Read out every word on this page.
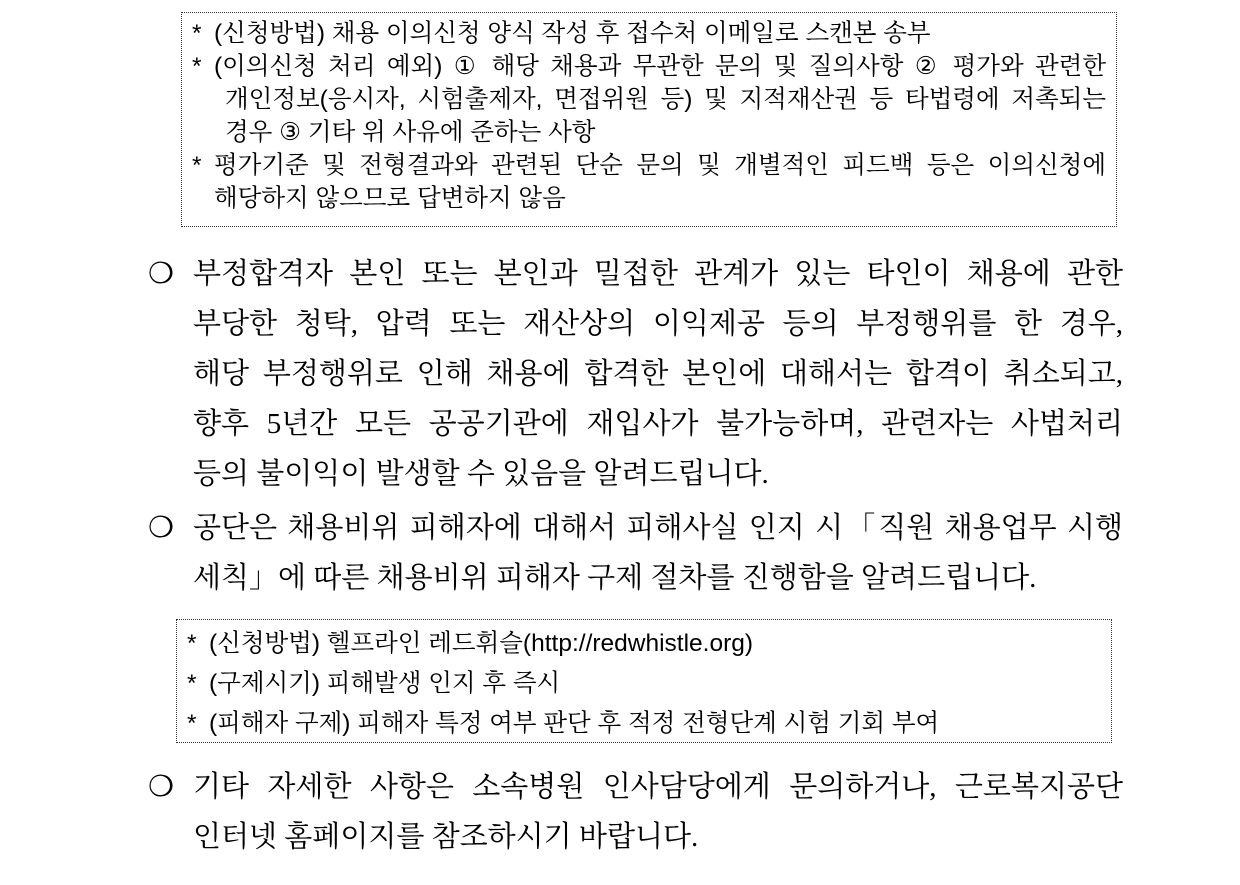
* (신청방법) 채용 이의신청 양식 작성 후 접수처 이메일로 스캔본 송부
* (이의신청 처리 예외) ① 해당 채용과 무관한 문의 및 질의사항 ② 평가와 관련한
개인정보(응시자, 시험출제자, 면접위원 등) 및 지적재산권 등 타법령에 저촉되는
경우 ③ 기타 위 사유에 준하는 사항
* 평가기준 및 전형결과와 관련된 단순 문의 및 개별적인 피드백 등은 이의신청에
해당하지 않으므로 답변하지 않음
❍ 부정합격자 본인 또는 본인과 밀접한 관계가 있는 타인이 채용에 관한
부당한 청탁, 압력 또는 재산상의 이익제공 등의 부정행위를 한 경우,
해당 부정행위로 인해 채용에 합격한 본인에 대해서는 합격이 취소되고,
향후 5년간 모든 공공기관에 재입사가 불가능하며, 관련자는 사법처리
등의 불이익이 발생할 수 있음을 알려드립니다.
❍ 공단은 채용비위 피해자에 대해서 피해사실 인지 시「직원 채용업무 시행
세칙」에 따른 채용비위 피해자 구제 절차를 진행함을 알려드립니다.
* (신청방법) 헬프라인 레드휘슬(http://redwhistle.org)
* (구제시기) 피해발생 인지 후 즉시
* (피해자 구제) 피해자 특정 여부 판단 후 적정 전형단계 시험 기회 부여
❍ 기타 자세한 사항은 소속병원 인사담당에게 문의하거나, 근로복지공단
인터넷 홈페이지를 참조하시기 바랍니다.
